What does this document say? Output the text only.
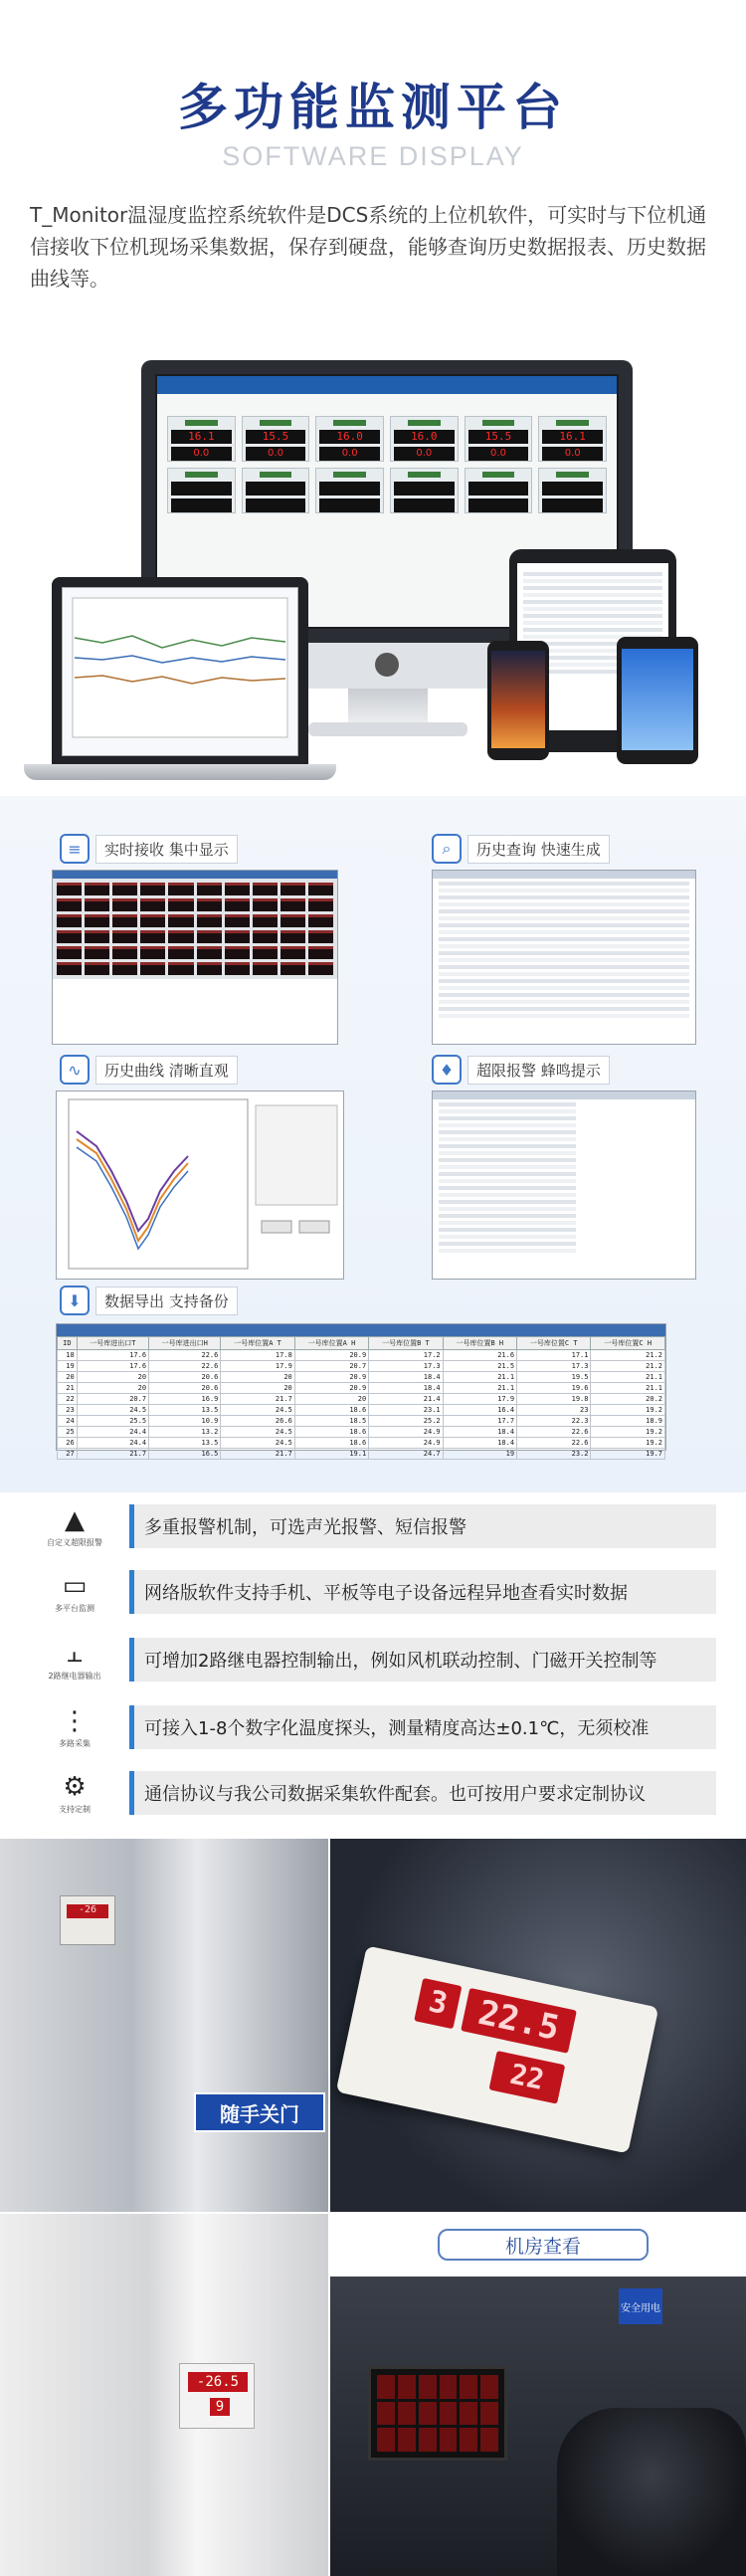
多功能监测平台
SOFTWARE DISPLAY
T_Monitor温湿度监控系统软件是DCS系统的上位机软件，可实时与下位机通信接收下位机现场采集数据，保存到硬盘，能够查询历史数据报表、历史数据曲线等。
16.1
0.0
15.5
0.0
16.0
0.0
16.0
0.0
15.5
0.0
16.1
0.0
≡	实时接收 集中显示	⌕	历史查询 快速生成
∿	历史曲线 清晰直观	♦	超限报警 蜂鸣提示
⬇	数据导出 支持备份
ID	一号库进出口T	一号库进出口H	一号库位置A T	一号库位置A H	一号库位置B T	一号库位置B H	一号库位置C T	一号库位置C H
18	17.6	22.6	17.8	20.9	17.2	21.6	17.1	21.2
19	17.6	22.6	17.9	20.7	17.3	21.5	17.3	21.2
20	20	20.6	20	20.9	18.4	21.1	19.5	21.1
21	20	20.6	20	20.9	18.4	21.1	19.6	21.1
22	20.7	16.9	21.7	20	21.4	17.9	19.8	20.2
23	24.5	13.5	24.5	18.6	23.1	16.4	23	19.2
24	25.5	10.9	26.6	18.5	25.2	17.7	22.3	18.9
25	24.4	13.2	24.5	18.6	24.9	18.4	22.6	19.2
26	24.4	13.5	24.5	18.6	24.9	18.4	22.6	19.2
27	21.7	16.5	21.7	19.1	24.7	19	23.2	19.7
▲
自定义超限报警
多重报警机制，可选声光报警、短信报警
▭
多平台监测
网络版软件支持手机、平板等电子设备远程异地查看实时数据
⫠
2路继电器输出
可增加2路继电器控制输出，例如风机联动控制、门磁开关控制等
⋮
多路采集
可接入1-8个数字化温度探头，测量精度高达±0.1℃，无须校准
⚙
支持定制
通信协议与我公司数据采集软件配套。也可按用户要求定制协议
-26
随手关门
22.5
3
22
-26.5
9
机房查看
安全用电
